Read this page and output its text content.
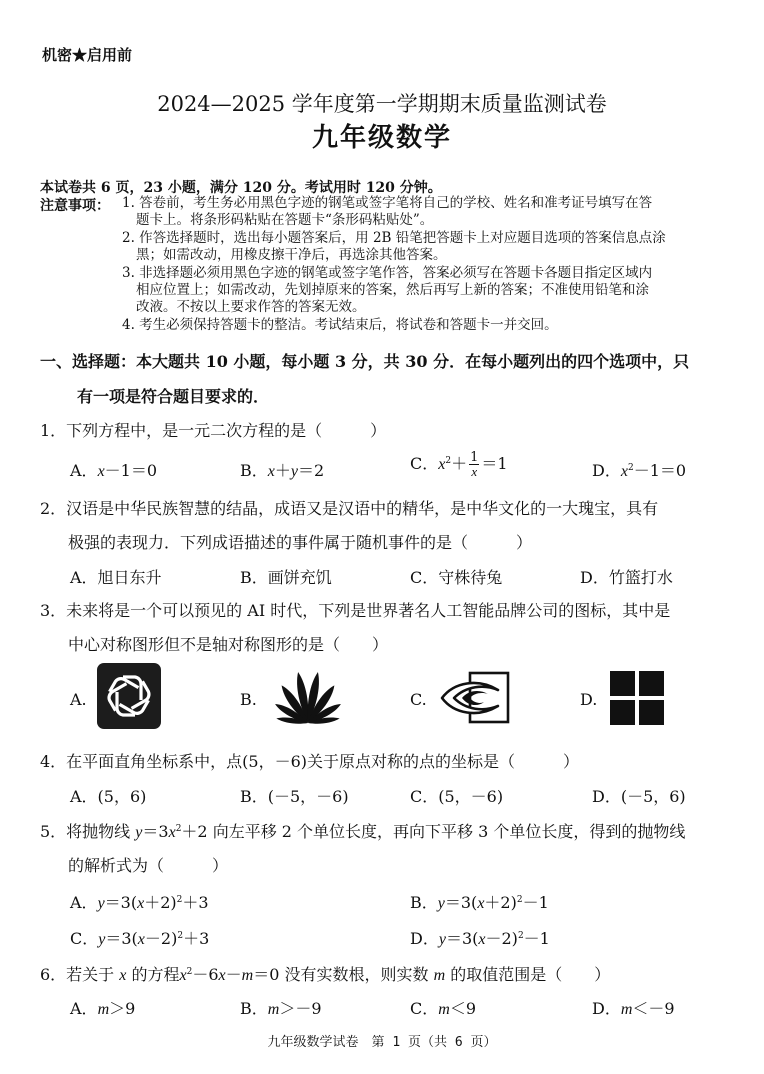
机密★启用前
2024—2025 学年度第一学期期末质量监测试卷
九年级数学
本试卷共 6 页，23 小题，满分 120 分。考试用时 120 分钟。
注意事项： 1. 答卷前，考生务必用黑色字迹的钢笔或签字笔将自己的学校、姓名和准考证号填写在答
题卡上。将条形码粘贴在答题卡“条形码粘贴处”。
2. 作答选择题时，选出每小题答案后，用 2B 铅笔把答题卡上对应题目选项的答案信息点涂
黑；如需改动，用橡皮擦干净后，再选涂其他答案。
3. 非选择题必须用黑色字迹的钢笔或签字笔作答，答案必须写在答题卡各题目指定区域内
相应位置上；如需改动，先划掉原来的答案，然后再写上新的答案；不准使用铅笔和涂
改液。不按以上要求作答的答案无效。
4. 考生必须保持答题卡的整洁。考试结束后，将试卷和答题卡一并交回。
一、选择题：本大题共 10 小题，每小题 3 分，共 30 分．在每小题列出的四个选项中，只
有一项是符合题目要求的．
1．下列方程中，是一元二次方程的是（　　　）
A．x－1＝0	B．x＋y＝2	C．$x^2+ \frac{1}{x} =1$	D．$x^2-1=0$
2．汉语是中华民族智慧的结晶，成语又是汉语中的精华，是中华文化的一大瑰宝，具有
极强的表现力．下列成语描述的事件属于随机事件的是（　　　）
A．旭日东升	B．画饼充饥	C．守株待兔	D．竹篮打水
3．未来将是一个可以预见的 AI 时代，下列是世界著名人工智能品牌公司的图标，其中是
中心对称图形但不是轴对称图形的是（　　）
A.	B.	C.	D.
4．在平面直角坐标系中，点(5，－6)关于原点对称的点的坐标是（　　　）
A．(5，6)	B．(－5，－6)	C．(5，－6)	D．(－5，6)
5．将抛物线 $y=3x^2+2$ 向左平移 2 个单位长度，再向下平移 3 个单位长度，得到的抛物线
的解析式为（　　　）
A．$y=3(x+2)^2+3$	B．$y=3(x+2)^2-1$
C．$y=3(x-2)^2+3$	D．$y=3(x-2)^2-1$
6．若关于 x 的方程$x^2-6x-m=0$ 没有实数根，则实数 m 的取值范围是（　　）
A．m＞9	B．m＞－9	C．m＜9	D．m＜－9
九年级数学试卷　第 1 页（共 6 页）
